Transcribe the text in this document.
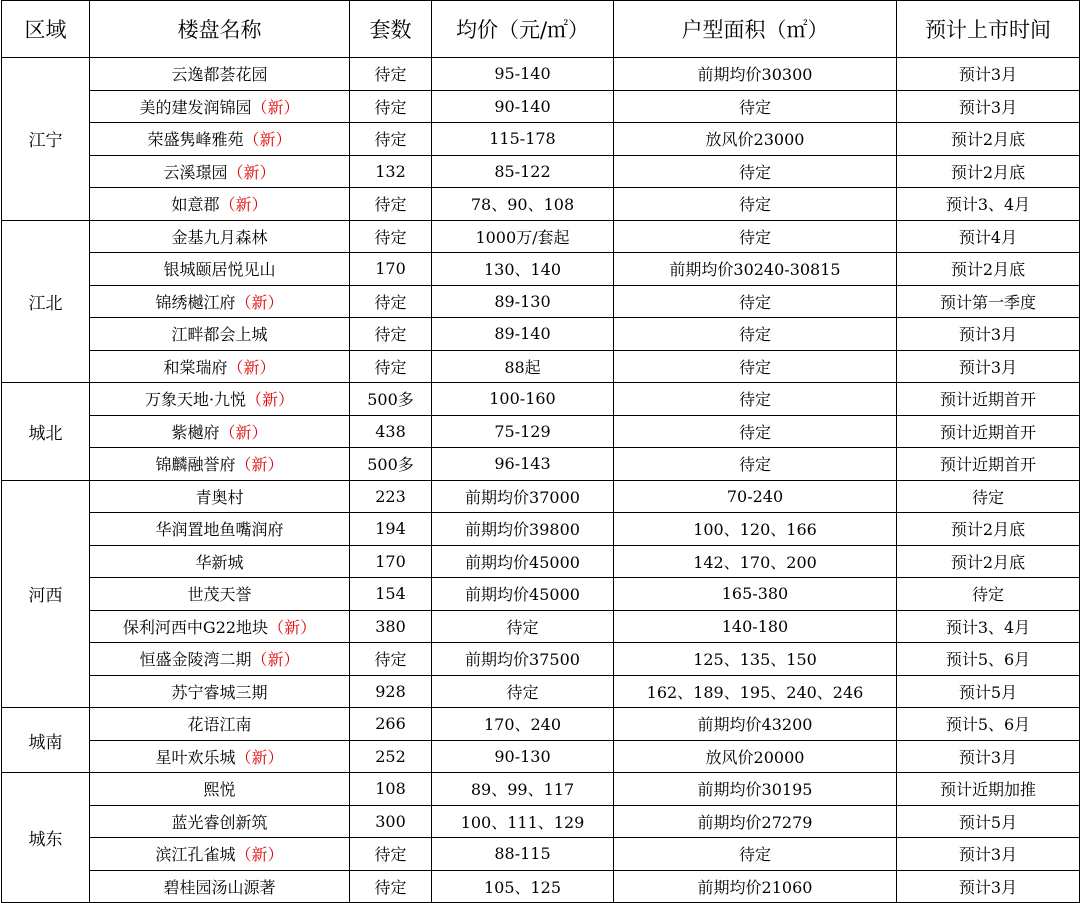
区域	楼盘名称	套数	均价（元/㎡）	户型面积（㎡）	预计上市时间
江宁	云逸都荟花园	待定	95-140	前期均价30300	预计3月
	美的建发润锦园（新）	待定	90-140	待定	预计3月
	荣盛隽峰雅苑（新）	待定	115-178	放风价23000	预计2月底
	云溪璟园（新）	132	85-122	待定	预计2月底
	如意郡（新）	待定	78、90、108	待定	预计3、4月
江北	金基九月森林	待定	1000万/套起	待定	预计4月
	银城颐居悦见山	170	130、140	前期均价30240-30815	预计2月底
	锦绣樾江府（新）	待定	89-130	待定	预计第一季度
	江畔都会上城	待定	89-140	待定	预计3月
	和棠瑞府（新）	待定	88起	待定	预计3月
城北	万象天地·九悦（新）	500多	100-160	待定	预计近期首开
	紫樾府（新）	438	75-129	待定	预计近期首开
	锦麟融誉府（新）	500多	96-143	待定	预计近期首开
河西	青奥村	223	前期均价37000	70-240	待定
	华润置地鱼嘴润府	194	前期均价39800	100、120、166	预计2月底
	华新城	170	前期均价45000	142、170、200	预计2月底
	世茂天誉	154	前期均价45000	165-380	待定
	保利河西中G22地块（新）	380	待定	140-180	预计3、4月
	恒盛金陵湾二期（新）	待定	前期均价37500	125、135、150	预计5、6月
	苏宁睿城三期	928	待定	162、189、195、240、246	预计5月
城南	花语江南	266	170、240	前期均价43200	预计5、6月
	星叶欢乐城（新）	252	90-130	放风价20000	预计3月
城东	熙悦	108	89、99、117	前期均价30195	预计近期加推
	蓝光睿创新筑	300	100、111、129	前期均价27279	预计5月
	滨江孔雀城（新）	待定	88-115	待定	预计3月
	碧桂园汤山源著	待定	105、125	前期均价21060	预计3月
